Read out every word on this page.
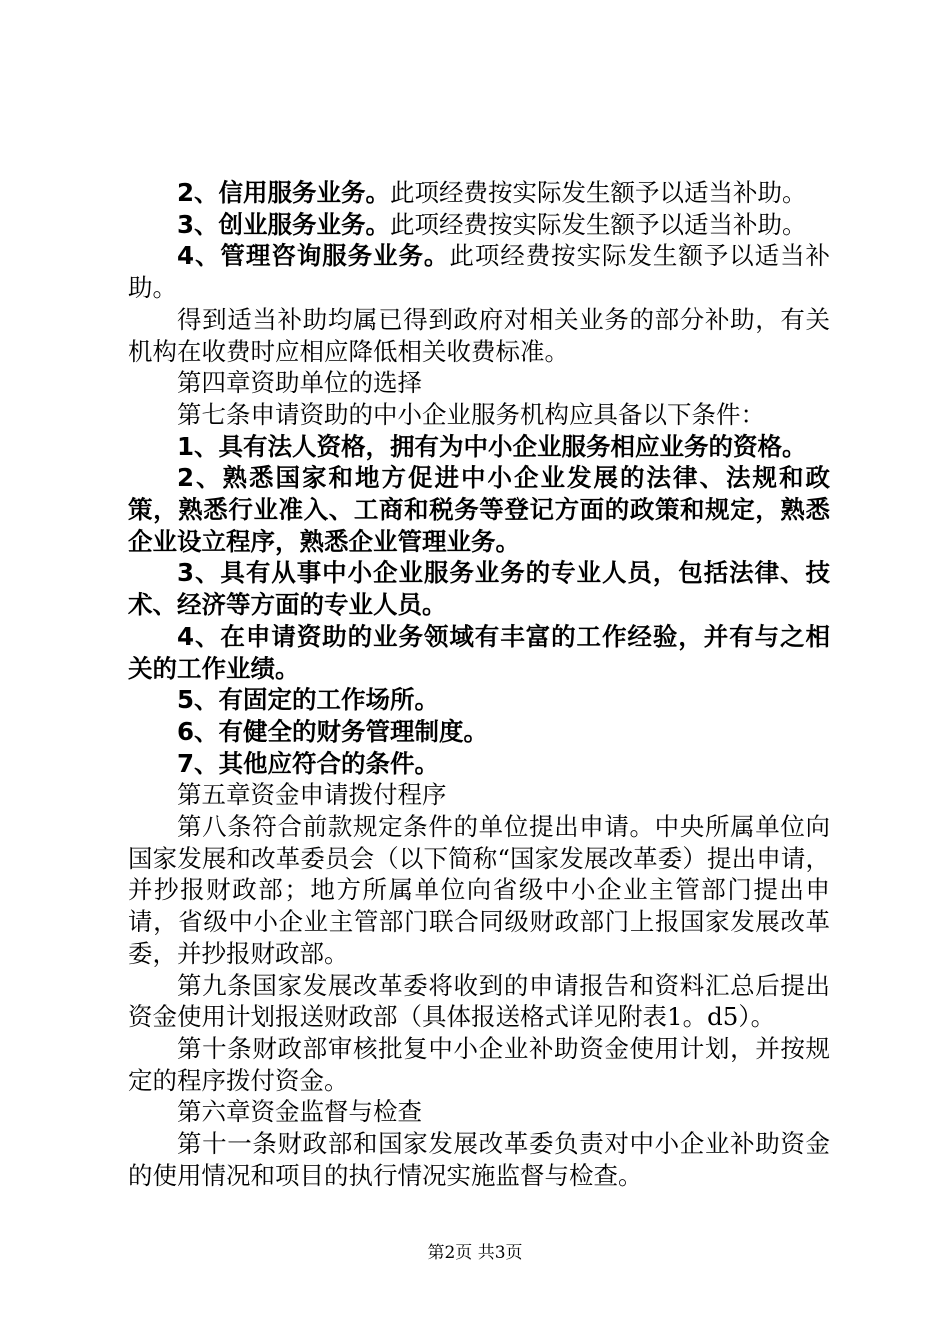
2、信用服务业务。此项经费按实际发生额予以适当补助。

3、创业服务业务。此项经费按实际发生额予以适当补助。

4、管理咨询服务业务。此项经费按实际发生额予以适当补助。

得到适当补助均属已得到政府对相关业务的部分补助，有关机构在收费时应相应降低相关收费标准。

第四章资助单位的选择

第七条申请资助的中小企业服务机构应具备以下条件：

1、具有法人资格，拥有为中小企业服务相应业务的资格。

2、熟悉国家和地方促进中小企业发展的法律、法规和政策，熟悉行业准入、工商和税务等登记方面的政策和规定，熟悉企业设立程序，熟悉企业管理业务。

3、具有从事中小企业服务业务的专业人员，包括法律、技术、经济等方面的专业人员。

4、在申请资助的业务领域有丰富的工作经验，并有与之相关的工作业绩。

5、有固定的工作场所。

6、有健全的财务管理制度。

7、其他应符合的条件。

第五章资金申请拨付程序

第八条符合前款规定条件的单位提出申请。中央所属单位向国家发展和改革委员会（以下简称“国家发展改革委）提出申请，并抄报财政部；地方所属单位向省级中小企业主管部门提出申请，省级中小企业主管部门联合同级财政部门上报国家发展改革委，并抄报财政部。

第九条国家发展改革委将收到的申请报告和资料汇总后提出资金使用计划报送财政部（具体报送格式详见附表1。d5）。

第十条财政部审核批复中小企业补助资金使用计划，并按规定的程序拨付资金。

第六章资金监督与检查

第十一条财政部和国家发展改革委负责对中小企业补助资金的使用情况和项目的执行情况实施监督与检查。

第2页 共3页
